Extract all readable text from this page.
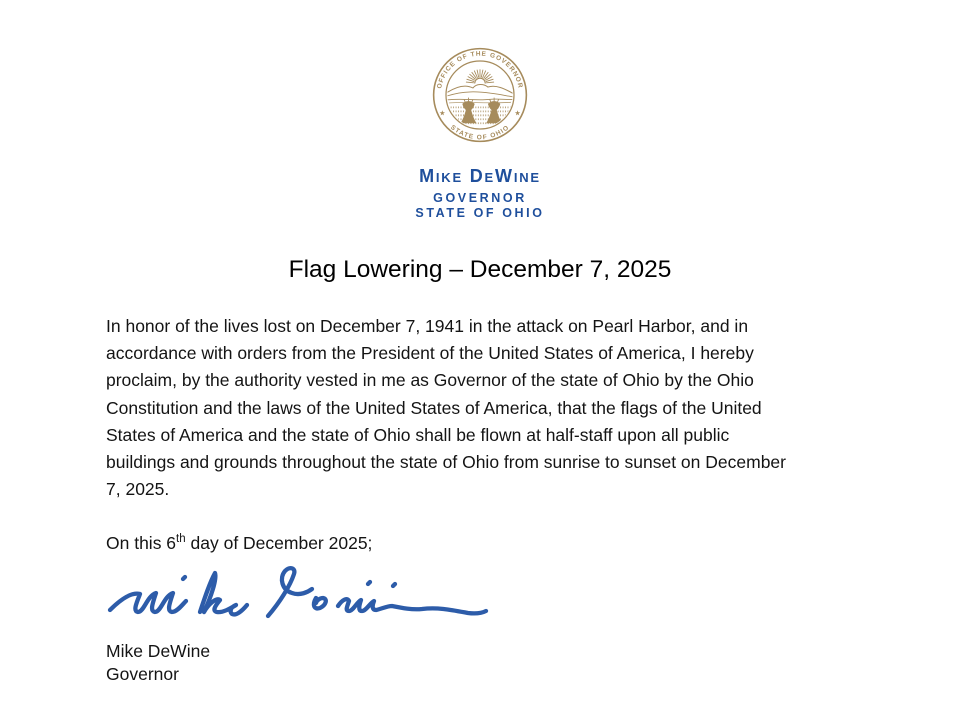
OFFICE OF THE GOVERNOR
STATE OF OHIO
★	★
Mike DeWine
GOVERNOR
STATE OF OHIO
Flag Lowering – December 7, 2025
In honor of the lives lost on December 7, 1941 in the attack on Pearl Harbor, and in
accordance with orders from the President of the United States of America, I hereby
proclaim, by the authority vested in me as Governor of the state of Ohio by the Ohio
Constitution and the laws of the United States of America, that the flags of the United
States of America and the state of Ohio shall be flown at half-staff upon all public
buildings and grounds throughout the state of Ohio from sunrise to sunset on December
7, 2025.
On this 6th day of December 2025;
Mike DeWine
Governor
